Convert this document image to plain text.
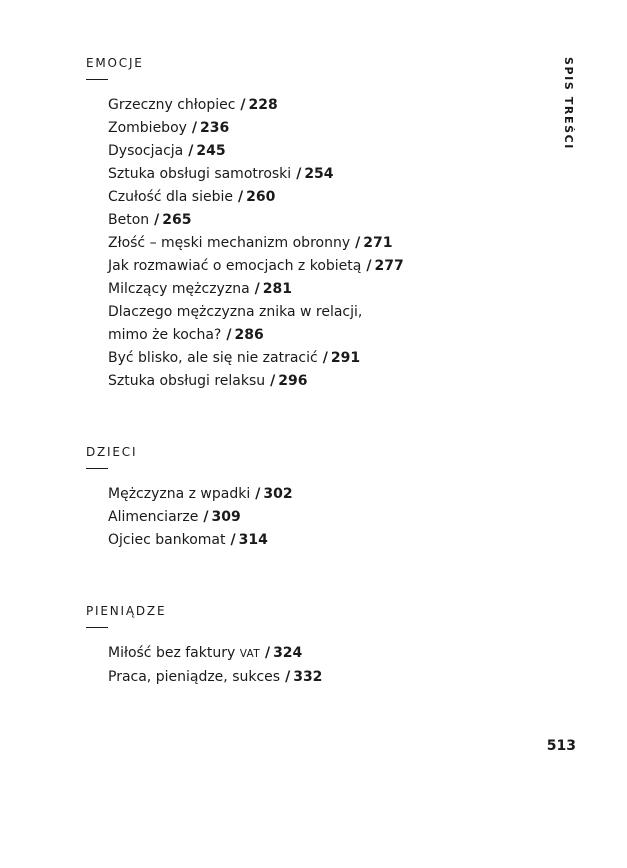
SPIS TREŚCI
EMOCJE
Grzeczny chłopiec / 228
Zombieboy / 236
Dysocjacja / 245
Sztuka obsługi samotroski / 254
Czułość dla siebie / 260
Beton / 265
Złość – męski mechanizm obronny / 271
Jak rozmawiać o emocjach z kobietą / 277
Milczący mężczyzna / 281
Dlaczego mężczyzna znika w relacji,
mimo że kocha? / 286
Być blisko, ale się nie zatracić / 291
Sztuka obsługi relaksu / 296
DZIECI
Mężczyzna z wpadki / 302
Alimenciarze / 309
Ojciec bankomat / 314
PIENIĄDZE
Miłość bez faktury VAT / 324
Praca, pieniądze, sukces / 332
513
